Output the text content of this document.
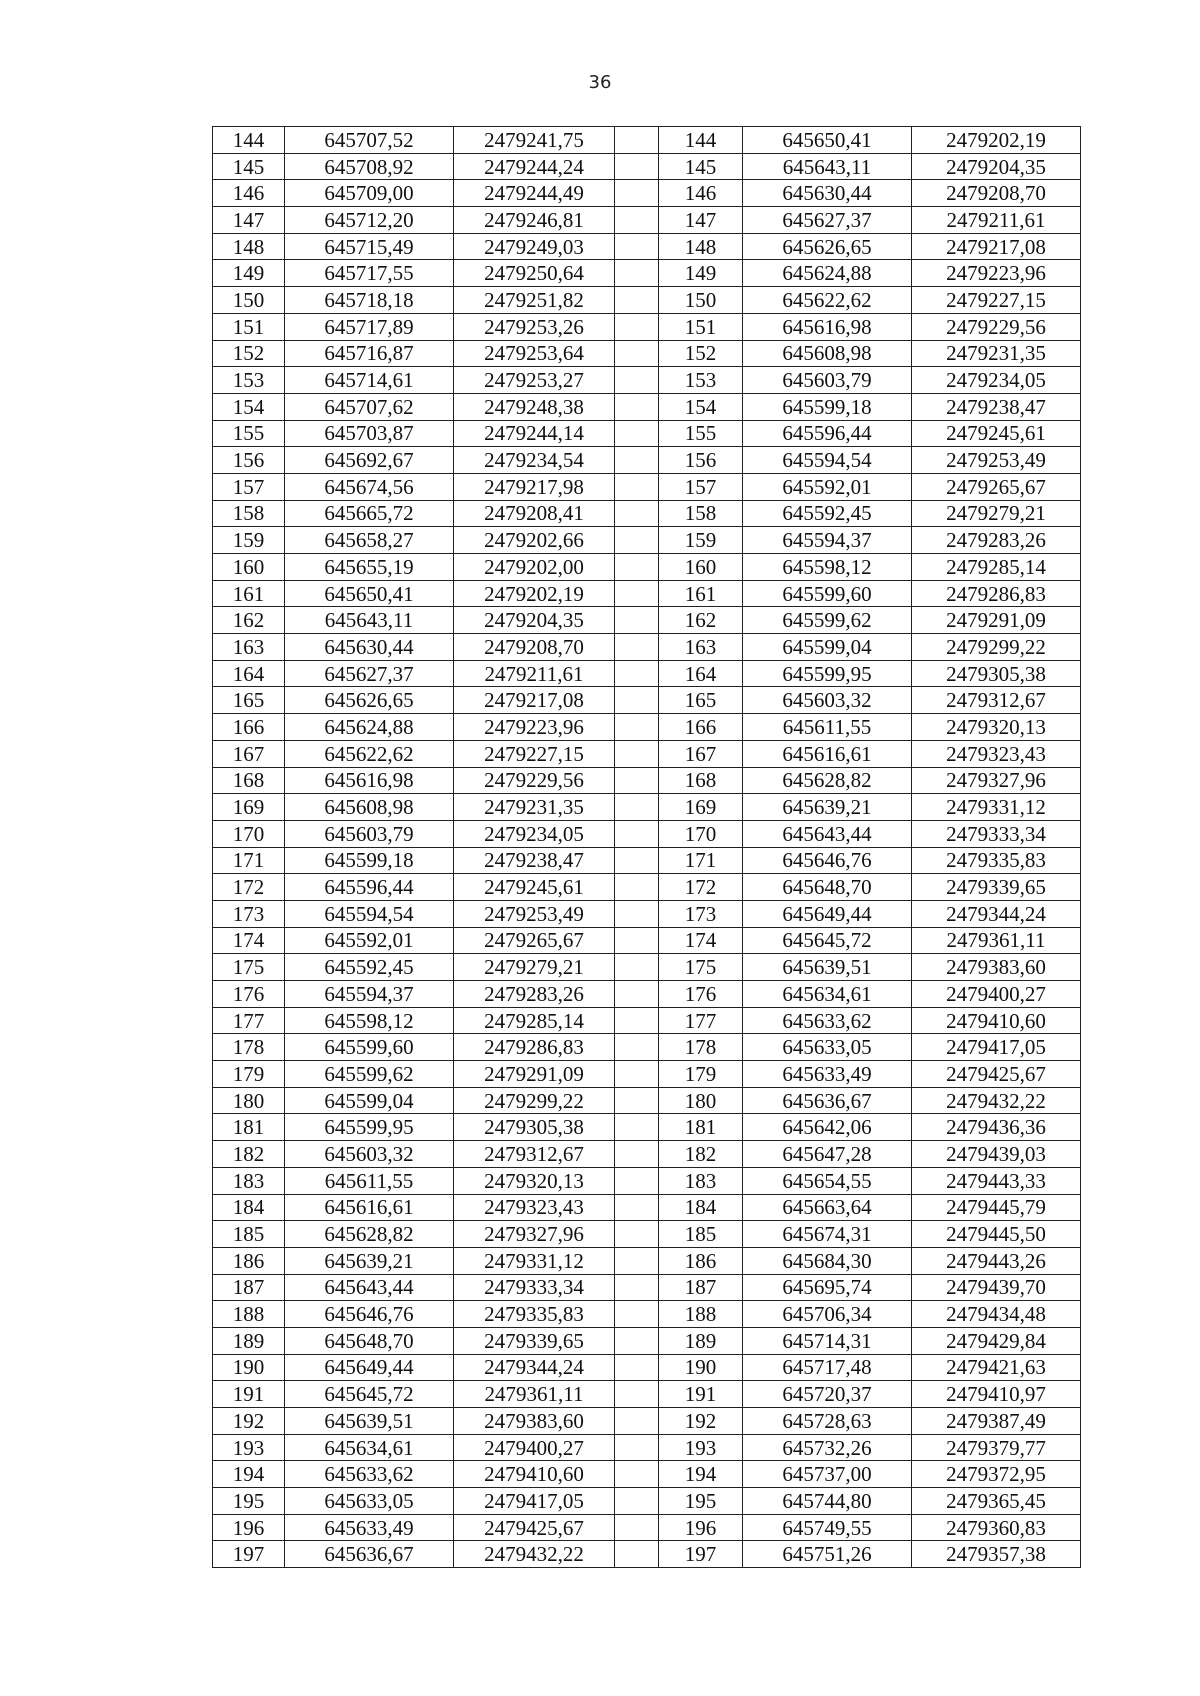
36
144	645707,52	2479241,75		144	645650,41	2479202,19
145	645708,92	2479244,24		145	645643,11	2479204,35
146	645709,00	2479244,49		146	645630,44	2479208,70
147	645712,20	2479246,81		147	645627,37	2479211,61
148	645715,49	2479249,03		148	645626,65	2479217,08
149	645717,55	2479250,64		149	645624,88	2479223,96
150	645718,18	2479251,82		150	645622,62	2479227,15
151	645717,89	2479253,26		151	645616,98	2479229,56
152	645716,87	2479253,64		152	645608,98	2479231,35
153	645714,61	2479253,27		153	645603,79	2479234,05
154	645707,62	2479248,38		154	645599,18	2479238,47
155	645703,87	2479244,14		155	645596,44	2479245,61
156	645692,67	2479234,54		156	645594,54	2479253,49
157	645674,56	2479217,98		157	645592,01	2479265,67
158	645665,72	2479208,41		158	645592,45	2479279,21
159	645658,27	2479202,66		159	645594,37	2479283,26
160	645655,19	2479202,00		160	645598,12	2479285,14
161	645650,41	2479202,19		161	645599,60	2479286,83
162	645643,11	2479204,35		162	645599,62	2479291,09
163	645630,44	2479208,70		163	645599,04	2479299,22
164	645627,37	2479211,61		164	645599,95	2479305,38
165	645626,65	2479217,08		165	645603,32	2479312,67
166	645624,88	2479223,96		166	645611,55	2479320,13
167	645622,62	2479227,15		167	645616,61	2479323,43
168	645616,98	2479229,56		168	645628,82	2479327,96
169	645608,98	2479231,35		169	645639,21	2479331,12
170	645603,79	2479234,05		170	645643,44	2479333,34
171	645599,18	2479238,47		171	645646,76	2479335,83
172	645596,44	2479245,61		172	645648,70	2479339,65
173	645594,54	2479253,49		173	645649,44	2479344,24
174	645592,01	2479265,67		174	645645,72	2479361,11
175	645592,45	2479279,21		175	645639,51	2479383,60
176	645594,37	2479283,26		176	645634,61	2479400,27
177	645598,12	2479285,14		177	645633,62	2479410,60
178	645599,60	2479286,83		178	645633,05	2479417,05
179	645599,62	2479291,09		179	645633,49	2479425,67
180	645599,04	2479299,22		180	645636,67	2479432,22
181	645599,95	2479305,38		181	645642,06	2479436,36
182	645603,32	2479312,67		182	645647,28	2479439,03
183	645611,55	2479320,13		183	645654,55	2479443,33
184	645616,61	2479323,43		184	645663,64	2479445,79
185	645628,82	2479327,96		185	645674,31	2479445,50
186	645639,21	2479331,12		186	645684,30	2479443,26
187	645643,44	2479333,34		187	645695,74	2479439,70
188	645646,76	2479335,83		188	645706,34	2479434,48
189	645648,70	2479339,65		189	645714,31	2479429,84
190	645649,44	2479344,24		190	645717,48	2479421,63
191	645645,72	2479361,11		191	645720,37	2479410,97
192	645639,51	2479383,60		192	645728,63	2479387,49
193	645634,61	2479400,27		193	645732,26	2479379,77
194	645633,62	2479410,60		194	645737,00	2479372,95
195	645633,05	2479417,05		195	645744,80	2479365,45
196	645633,49	2479425,67		196	645749,55	2479360,83
197	645636,67	2479432,22		197	645751,26	2479357,38
